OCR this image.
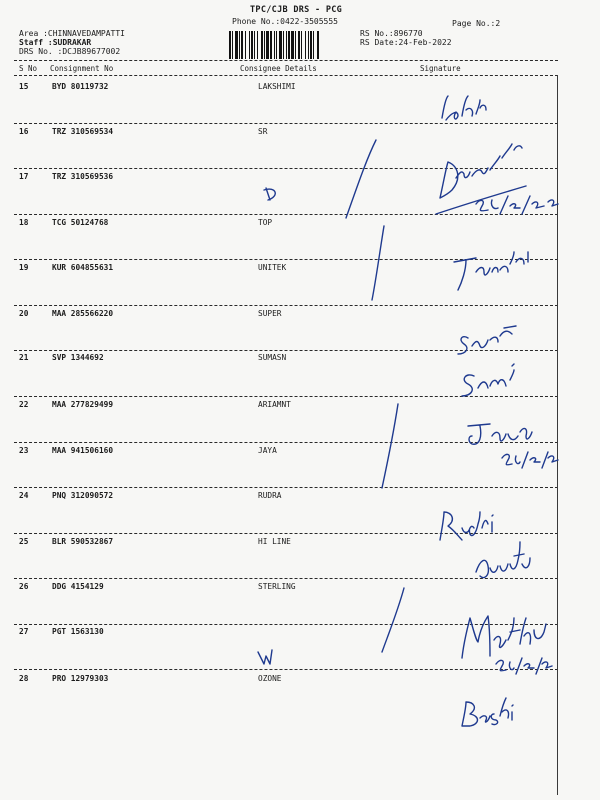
TPC/CJB DRS - PCG
Phone No.:0422-3505555	Page No.:2
Area :CHINNAVEDAMPATTI
Staff :SUDRAKAR
DRS No. :DCJB89677002
RS No.:896770
RS Date:24-Feb-2022
S No Consignment No	Consignee Details	Signature
15	BYD 80119732	LAKSHIMI
16	TRZ 310569534	SR
17	TRZ 310569536
18	TCG 50124768	TOP
19	KUR 604855631	UNITEK
20	MAA 285566220	SUPER
21	SVP 1344692	SUMASN
22	MAA 277829499	ARIAMNT
23	MAA 941506160	JAYA
24	PNQ 312090572	RUDRA
25	BLR 590532867	HI LINE
26	DDG 4154129	STERLING
27	PGT 1563130
28	PRO 12979303	OZONE
